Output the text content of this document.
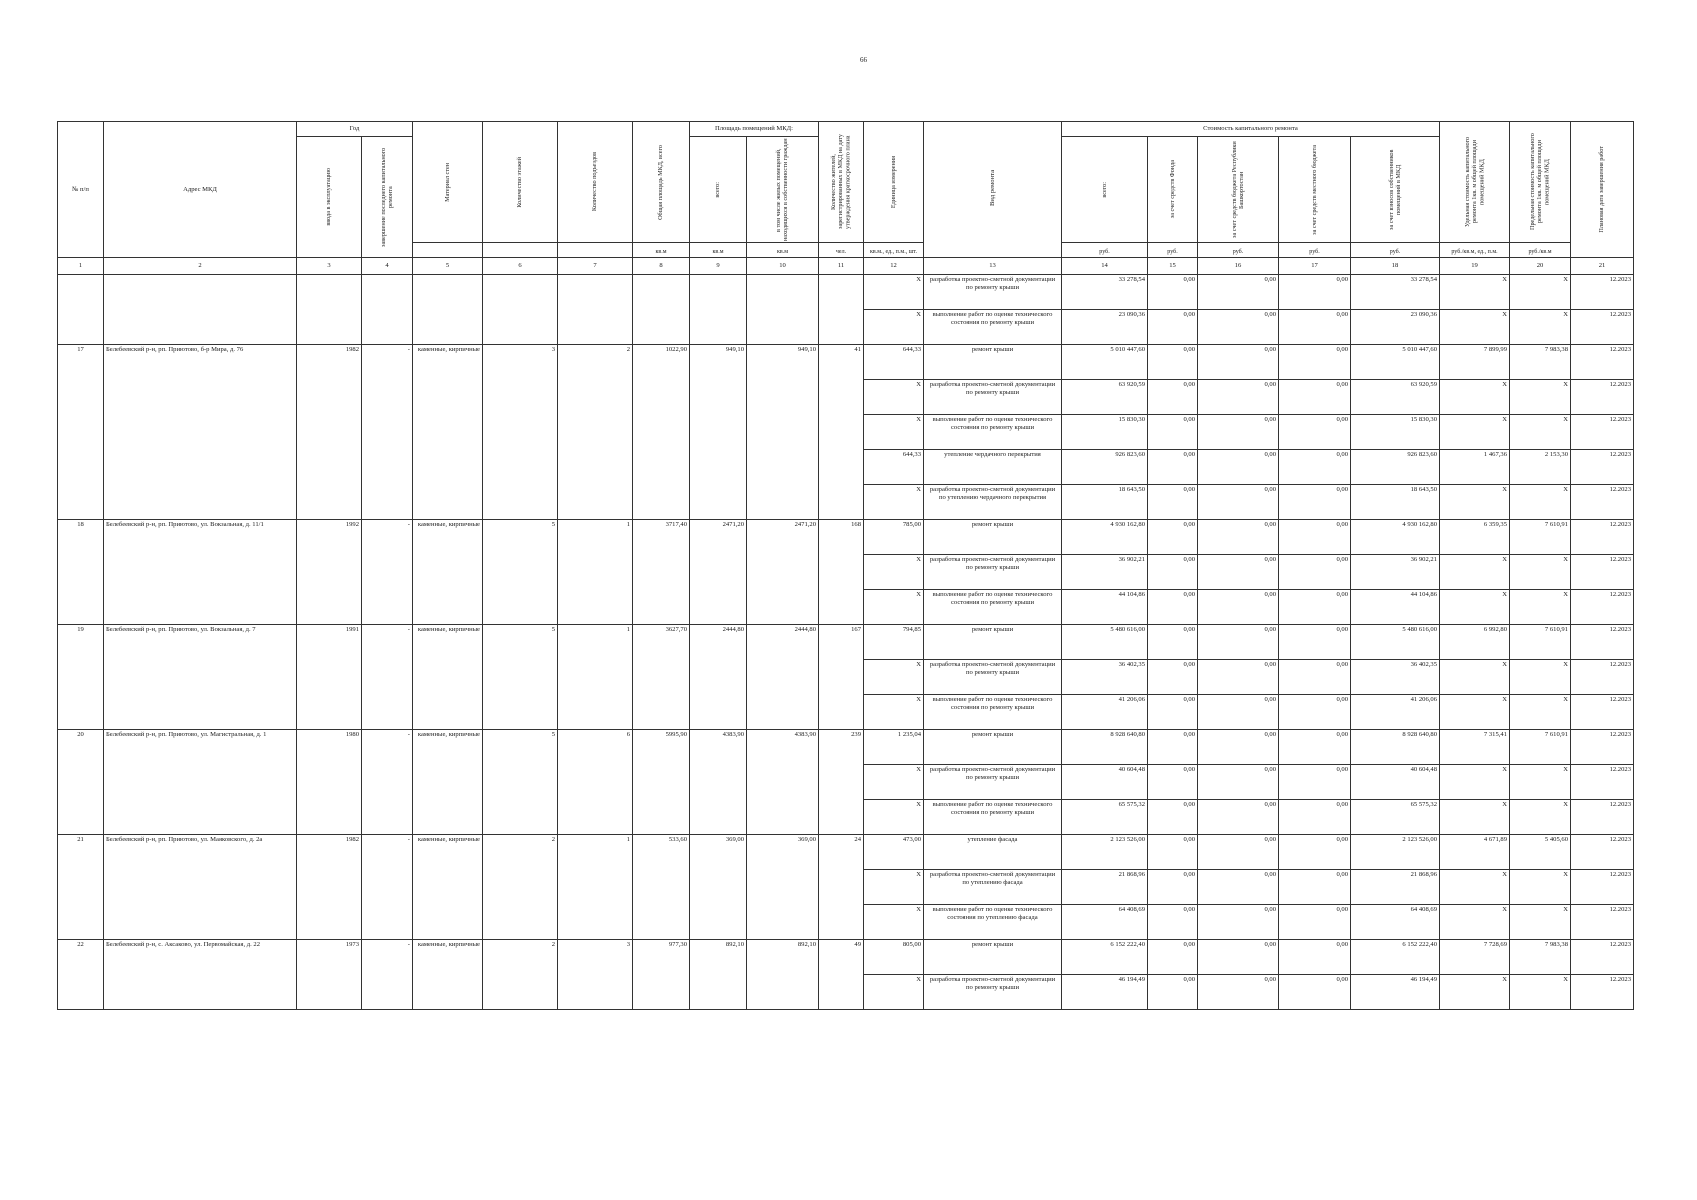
66
№ п/п	Адрес МКД	Год		Материал стен	Количество этажей	Количество подъездов	Общая площадь МКД, всего	Площадь помещений МКД:		Количество жителей, зарегистрированных в МКД на дату утверждения краткосрочного плана	Единица измерения	Вид ремонта	Стоимость капитального ремонта					Удельная стоимость капитального ремонта 1кв. м общей площади помещений МКД	Предельная стоимость капитального ремонта 1кв. м общей площади помещений МКД	Плановая дата завершения работ

		ввода в эксплуатацию	завершение последнего капитального ремонта					всего:	в том числе жилых помещений, находящихся в собственности граждан				всего:	за счет средств Фонда	за счет средств бюджета Республики Башкортостан	за счет средств местного бюджета	за счет взносов собственников помещений в МКД			

							кв.м	кв.м	кв.м	чел.	кв.м., ед., п.м., шт.		руб.	руб.	руб.	руб.	руб.	руб./кв.м, ед., п.м.	руб./кв.м	
1	2	3	4	5	6	7	8	9	10	11	12	13	14	15	16	17	18	19	20	21
											X	разработка проектно-сметной документации по ремонту крыши	33 278,54	0,00	0,00	0,00	33 278,54	X	X	12.2023
											X	выполнение работ по оценке технического состояния по ремонту крыши	23 090,36	0,00	0,00	0,00	23 090,36	X	X	12.2023
17	Белебеевский р-н, рп. Приютово, б-р Мира, д. 76	1982	-	каменные, кирпичные	3	2	1022,90	949,10	949,10	41	644,33	ремонт крыши	5 010 447,60	0,00	0,00	0,00	5 010 447,60	7 899,99	7 983,38	12.2023
											X	разработка проектно-сметной документации по ремонту крыши	63 920,59	0,00	0,00	0,00	63 920,59	X	X	12.2023
											X	выполнение работ по оценке технического состояния по ремонту крыши	15 830,30	0,00	0,00	0,00	15 830,30	X	X	12.2023
											644,33	утепление чердачного перекрытия	926 823,60	0,00	0,00	0,00	926 823,60	1 467,36	2 153,30	12.2023
											X	разработка проектно-сметной документации по утеплению чердачного перекрытия	18 643,50	0,00	0,00	0,00	18 643,50	X	X	12.2023
18	Белебеевский р-н, рп. Приютово, ул. Вокзальная, д. 11/1	1992	-	каменные, кирпичные	5	1	3717,40	2471,20	2471,20	168	785,00	ремонт крыши	4 930 162,80	0,00	0,00	0,00	4 930 162,80	6 359,35	7 610,91	12.2023
											X	разработка проектно-сметной документации по ремонту крыши	36 902,21	0,00	0,00	0,00	36 902,21	X	X	12.2023
											X	выполнение работ по оценке технического состояния по ремонту крыши	44 104,86	0,00	0,00	0,00	44 104,86	X	X	12.2023
19	Белебеевский р-н, рп. Приютово, ул. Вокзальная, д. 7	1991	-	каменные, кирпичные	5	1	3627,70	2444,80	2444,80	167	794,85	ремонт крыши	5 480 616,00	0,00	0,00	0,00	5 480 616,00	6 992,80	7 610,91	12.2023
											X	разработка проектно-сметной документации по ремонту крыши	36 402,35	0,00	0,00	0,00	36 402,35	X	X	12.2023
											X	выполнение работ по оценке технического состояния по ремонту крыши	41 206,06	0,00	0,00	0,00	41 206,06	X	X	12.2023
20	Белебеевский р-н, рп. Приютово, ул. Магистральная, д. 1	1980	-	каменные, кирпичные	5	6	5995,90	4383,90	4383,90	239	1 235,04	ремонт крыши	8 928 640,80	0,00	0,00	0,00	8 928 640,80	7 315,41	7 610,91	12.2023
											X	разработка проектно-сметной документации по ремонту крыши	40 604,48	0,00	0,00	0,00	40 604,48	X	X	12.2023
											X	выполнение работ по оценке технического состояния по ремонту крыши	65 575,32	0,00	0,00	0,00	65 575,32	X	X	12.2023
21	Белебеевский р-н, рп. Приютово, ул. Маяковского, д. 2а	1982	-	каменные, кирпичные	2	1	533,60	369,00	369,00	24	473,00	утепление фасада	2 123 526,00	0,00	0,00	0,00	2 123 526,00	4 671,89	5 405,60	12.2023
											X	разработка проектно-сметной документации по утеплению фасада	21 868,96	0,00	0,00	0,00	21 868,96	X	X	12.2023
											X	выполнение работ по оценке технического состояния по утеплению фасада	64 408,69	0,00	0,00	0,00	64 408,69	X	X	12.2023
22	Белебеевский р-н, с. Аксаково, ул. Первомайская, д. 22	1973	-	каменные, кирпичные	2	3	977,30	892,10	892,10	49	805,00	ремонт крыши	6 152 222,40	0,00	0,00	0,00	6 152 222,40	7 728,69	7 983,38	12.2023
											X	разработка проектно-сметной документации по ремонту крыши	46 194,49	0,00	0,00	0,00	46 194,49	X	X	12.2023
